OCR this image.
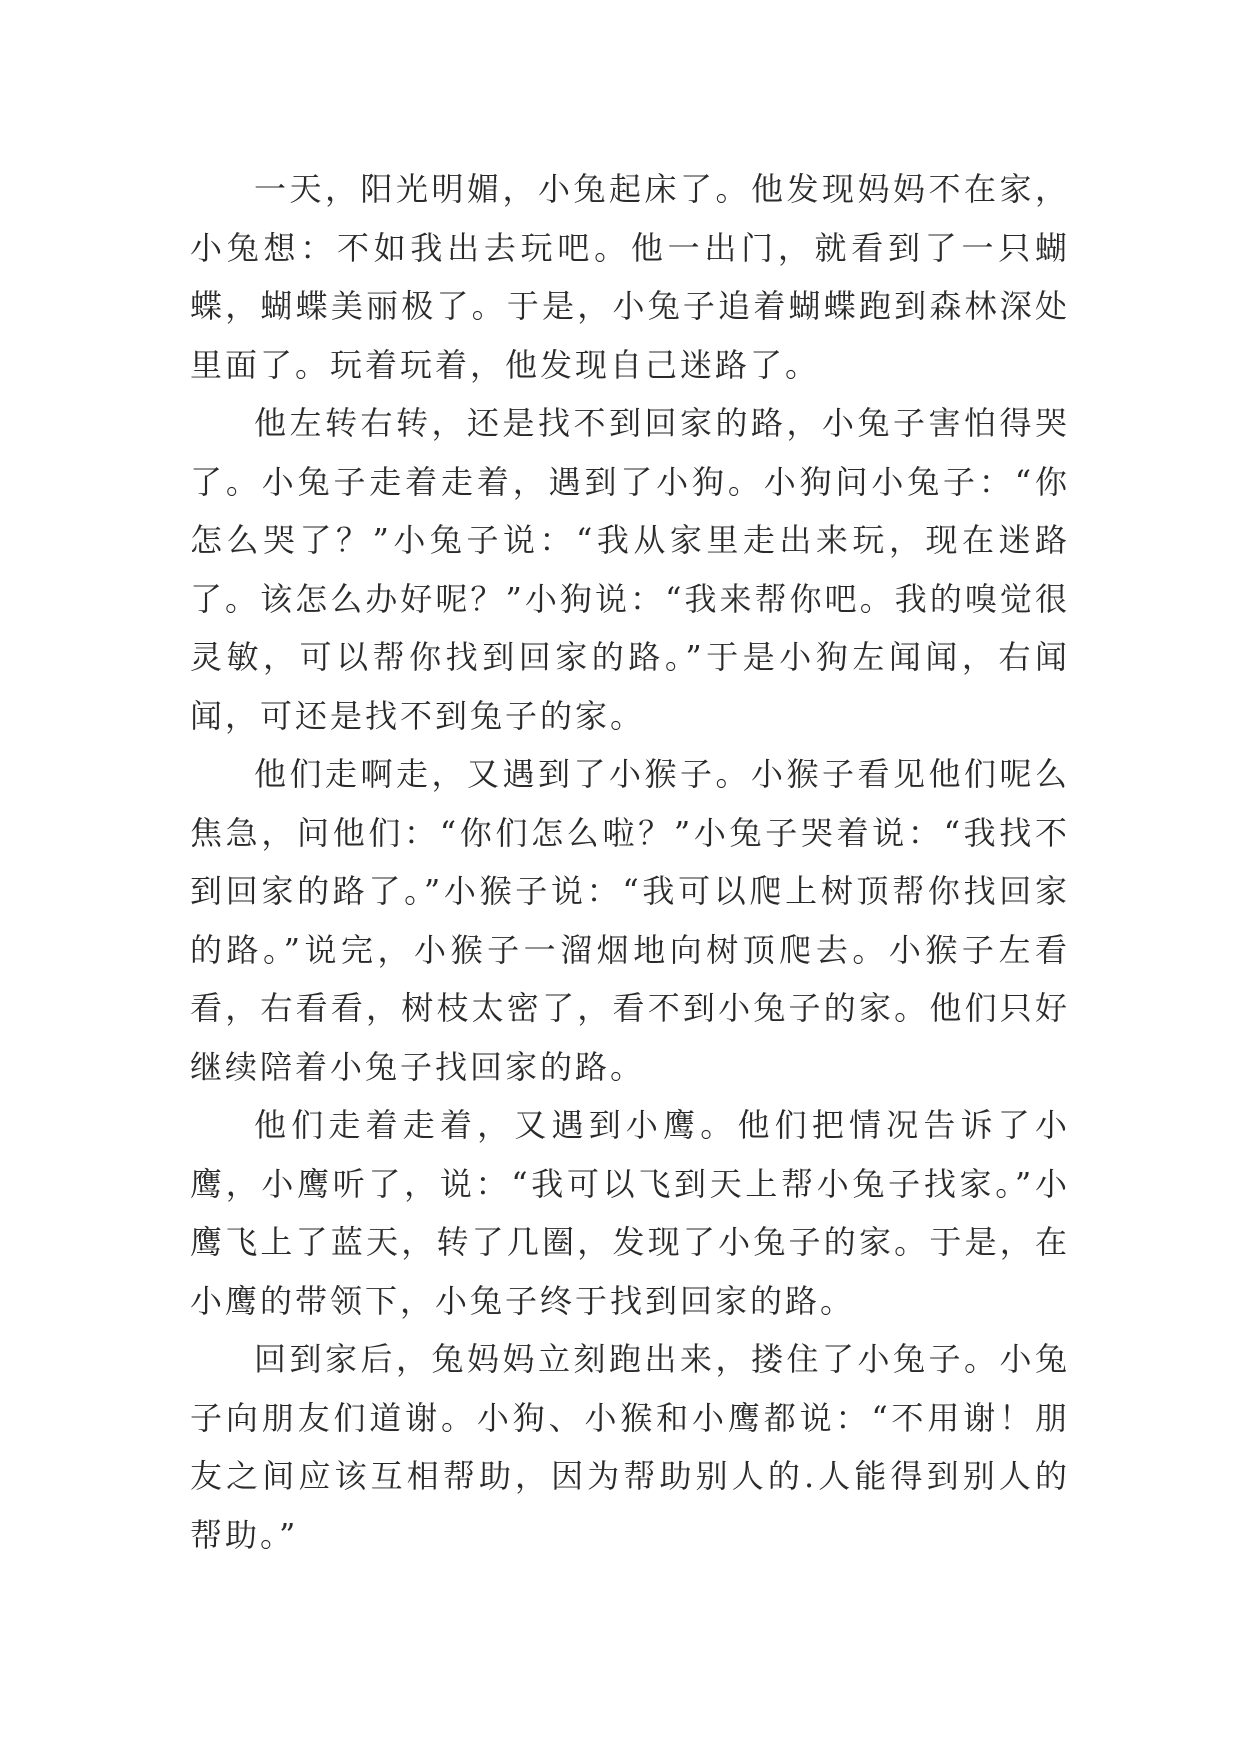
一天，阳光明媚，小兔起床了。他发现妈妈不在家，小兔想：不如我出去玩吧。他一出门，就看到了一只蝴蝶，蝴蝶美丽极了。于是，小兔子追着蝴蝶跑到森林深处里面了。玩着玩着，他发现自己迷路了。

他左转右转，还是找不到回家的路，小兔子害怕得哭了。小兔子走着走着，遇到了小狗。小狗问小兔子：“你怎么哭了？”小兔子说：“我从家里走出来玩，现在迷路了。该怎么办好呢？”小狗说：“我来帮你吧。我的嗅觉很灵敏，可以帮你找到回家的路。”于是小狗左闻闻，右闻闻，可还是找不到兔子的家。

他们走啊走，又遇到了小猴子。小猴子看见他们呢么焦急，问他们：“你们怎么啦？”小兔子哭着说：“我找不到回家的路了。”小猴子说：“我可以爬上树顶帮你找回家的路。”说完，小猴子一溜烟地向树顶爬去。小猴子左看看，右看看，树枝太密了，看不到小兔子的家。他们只好继续陪着小兔子找回家的路。

他们走着走着，又遇到小鹰。他们把情况告诉了小鹰，小鹰听了，说：“我可以飞到天上帮小兔子找家。”小鹰飞上了蓝天，转了几圈，发现了小兔子的家。于是，在小鹰的带领下，小兔子终于找到回家的路。

回到家后，兔妈妈立刻跑出来，搂住了小兔子。小兔子向朋友们道谢。小狗、小猴和小鹰都说：“不用谢！朋友之间应该互相帮助，因为帮助别人的.人能得到别人的帮助。”
